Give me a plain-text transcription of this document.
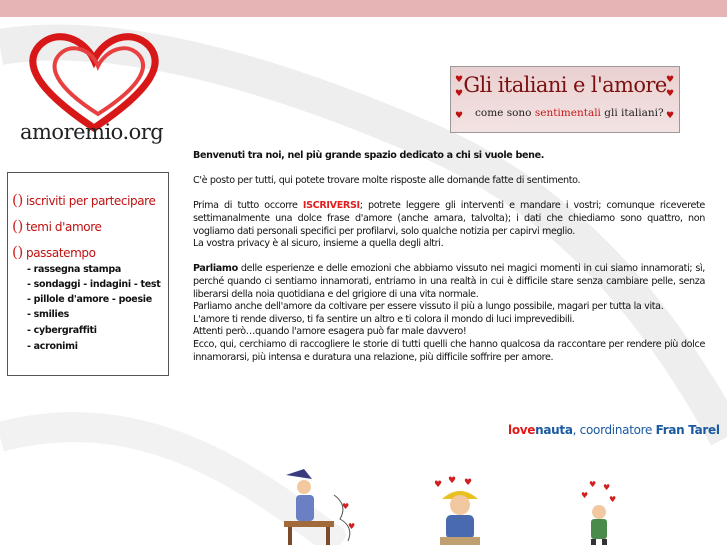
amoremio.org
♥
♥
♥
♥
♥
♥
Gli italiani e l'amore
come sono sentimentali gli italiani?
() iscriviti per partecipare
() temi d'amore
() passatempo
- rassegna stampa
- sondaggi - indagini - test
- pillole d'amore - poesie
- smilies
- cybergraffiti
- acronimi

Benvenuti tra noi, nel più grande spazio dedicato a chi si vuole bene.

C'è posto per tutti, qui potete trovare molte risposte alle domande fatte di sentimento.

Prima di tutto occorre ISCRIVERSI; potrete leggere gli interventi e mandare i vostri; comunque riceverete settimanalmente una dolce frase d'amore (anche amara, talvolta); i dati che chiediamo sono quattro, non vogliamo dati personali specifici per profilarvi, solo qualche notizia per capirvi meglio.

La vostra privacy è al sicuro, insieme a quella degli altri.

Parliamo delle esperienze e delle emozioni che abbiamo vissuto nei magici momenti in cui siamo innamorati; sì, perché quando ci sentiamo innamorati, entriamo in una realtà in cui è difficile stare senza cambiare pelle, senza liberarsi della noia quotidiana e del grigiore di una vita normale.

Parliamo anche dell'amore da coltivare per essere vissuto il più a lungo possibile, magari per tutta la vita.

L'amore ti rende diverso, ti fa sentire un altro e ti colora il mondo di luci imprevedibili.

Attenti però…quando l'amore esagera può far male davvero!

Ecco, qui, cerchiamo di raccogliere le storie di tutti quelli che hanno qualcosa da raccontare per rendere più dolce innamorarsi, più intensa e duratura una relazione, più difficile soffrire per amore.

lovenauta, coordinatore Fran Tarel
♥
♥
♥ ♥ ♥	♥ ♥
♥	♥
